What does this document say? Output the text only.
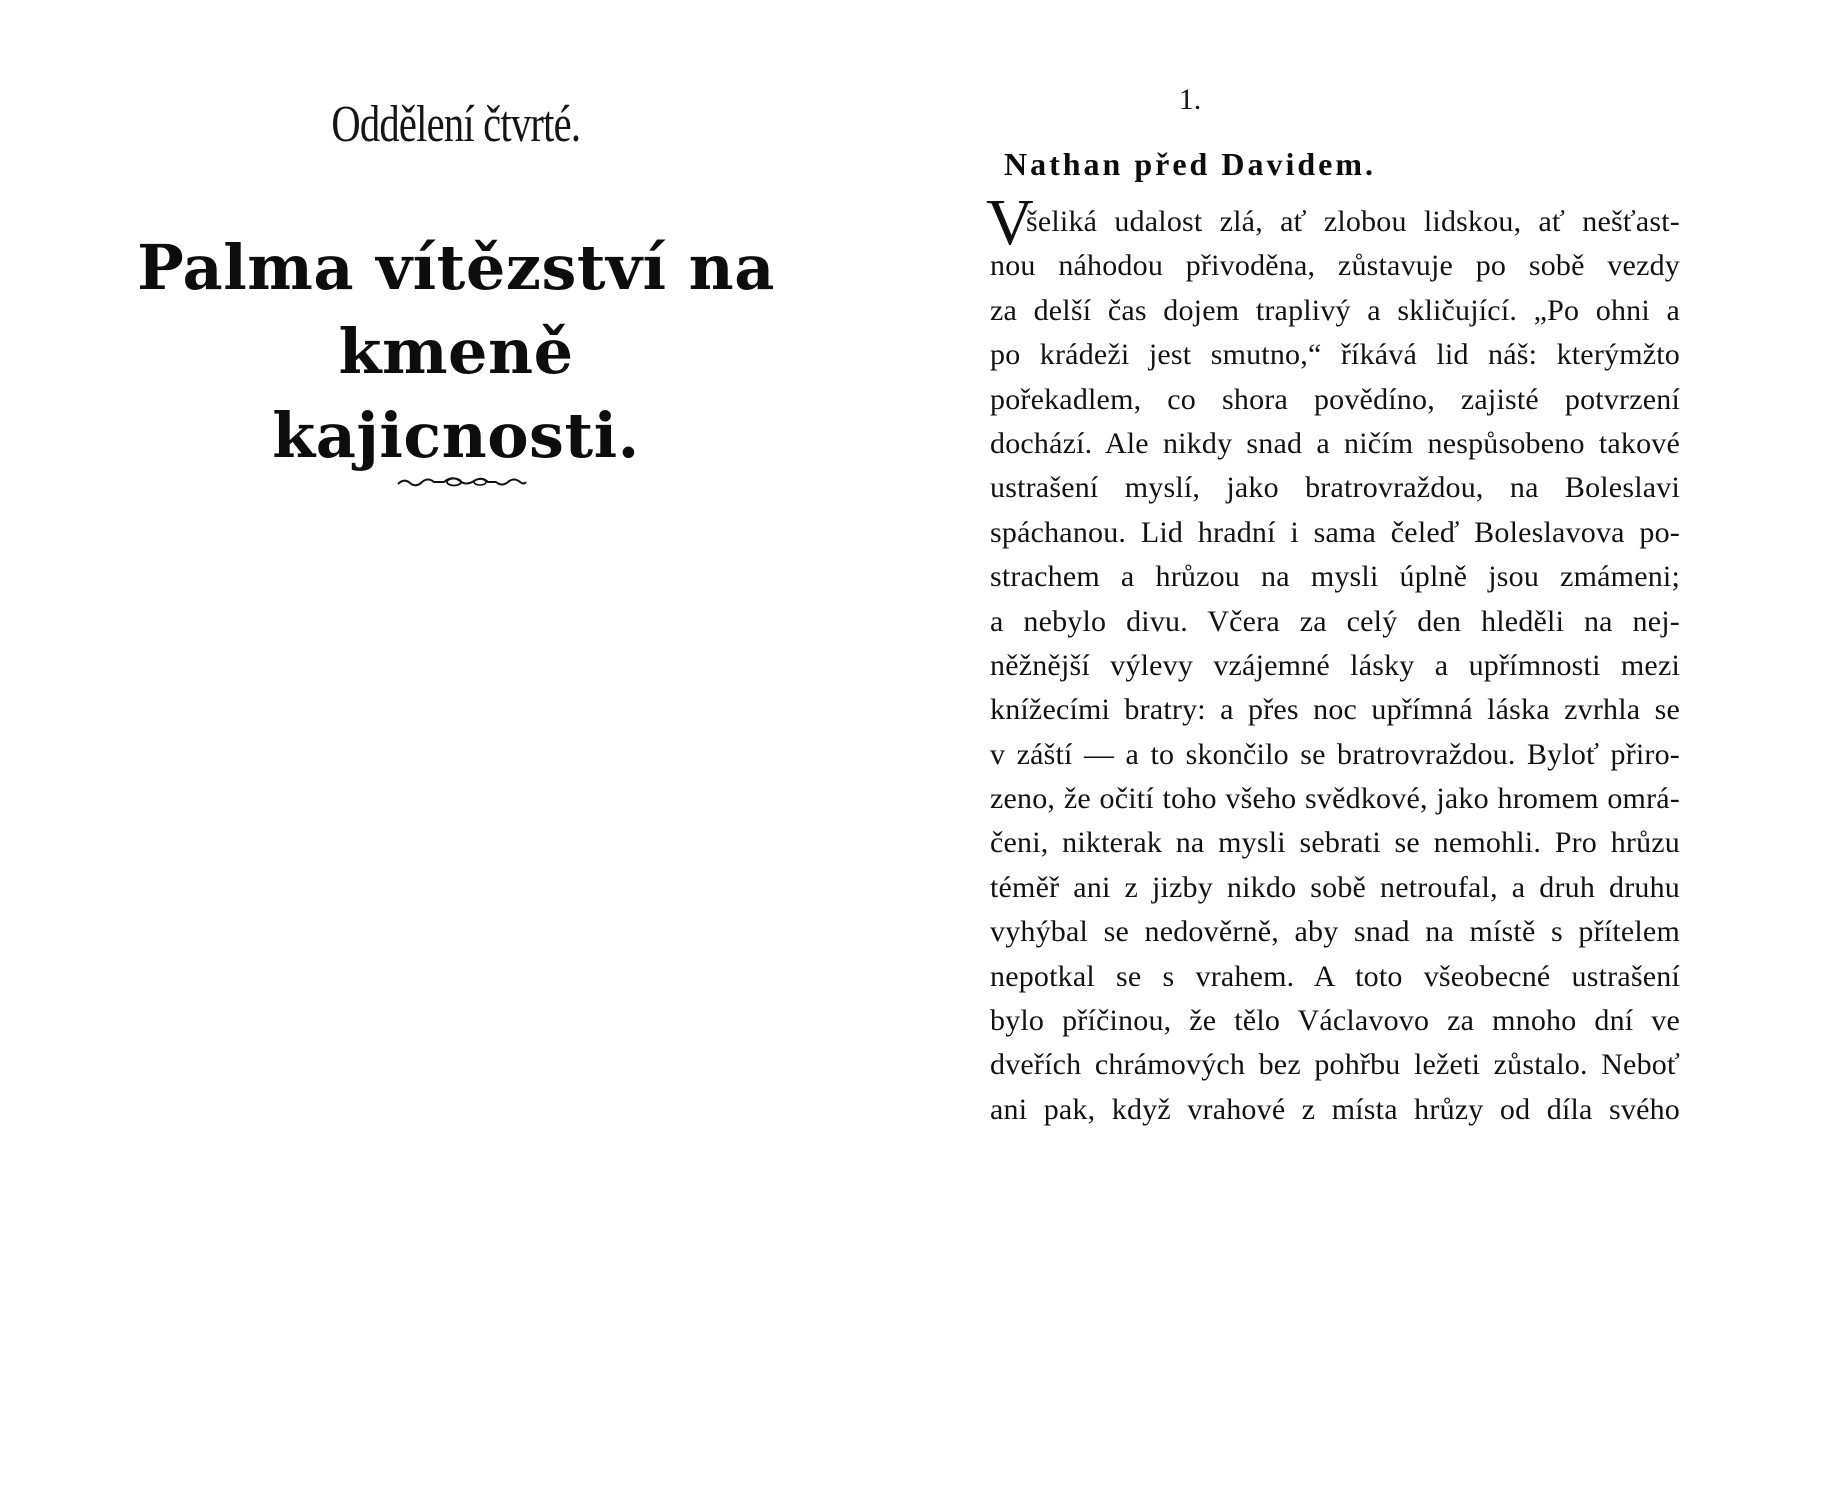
Oddělení čtvrté.
Palma vítězství na kmeně
kajicnosti.
1.
Nathan před Davidem.
V
šeliká udalost zlá, ať zlobou lidskou, ať nešťast-
nou náhodou přivoděna, zůstavuje po sobě vezdy
za delší čas dojem traplivý a skličující. „Po ohni a
po krádeži jest smutno,“ říkává lid náš: kterýmžto
pořekadlem, co shora povědíno, zajisté potvrzení
dochází. Ale nikdy snad a ničím nespůsobeno takové
ustrašení myslí, jako bratrovraždou, na Boleslavi
spáchanou. Lid hradní i sama čeleď Boleslavova po-
strachem a hrůzou na mysli úplně jsou zmámeni;
a nebylo divu. Včera za celý den hleděli na nej-
něžnější výlevy vzájemné lásky a upřímnosti mezi
knížecími bratry: a přes noc upřímná láska zvrhla se
v záští — a to skončilo se bratrovraždou. Byloť přiro-
zeno, že očití toho všeho svědkové, jako hromem omrá-
čeni, nikterak na mysli sebrati se nemohli. Pro hrůzu
téměř ani z jizby nikdo sobě netroufal, a druh druhu
vyhýbal se nedověrně, aby snad na místě s přítelem
nepotkal se s vrahem. A toto všeobecné ustrašení
bylo příčinou, že tělo Václavovo za mnoho dní ve
dveřích chrámových bez pohřbu ležeti zůstalo. Neboť
ani pak, když vrahové z místa hrůzy od díla svého
